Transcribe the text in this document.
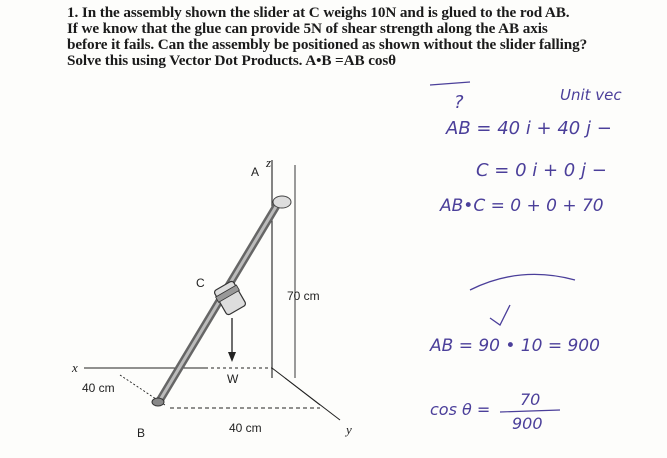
1. In the assembly shown the slider at C weighs 10N and is glued to the rod AB.
If we know that the glue can provide 5N of shear strength along the AB axis
before it fails. Can the assembly be positioned as shown without the slider falling?
Solve this using Vector Dot Products. A•B =AB cosθ
z
x
y
A
B
C
W
70 cm
40 cm
40 cm
Unit vec
?
AB = 40 i + 40 j −
C = 0 i + 0 j −
AB•C = 0 + 0 + 70
AB = 90 • 10 = 900
cos θ =
70
900
